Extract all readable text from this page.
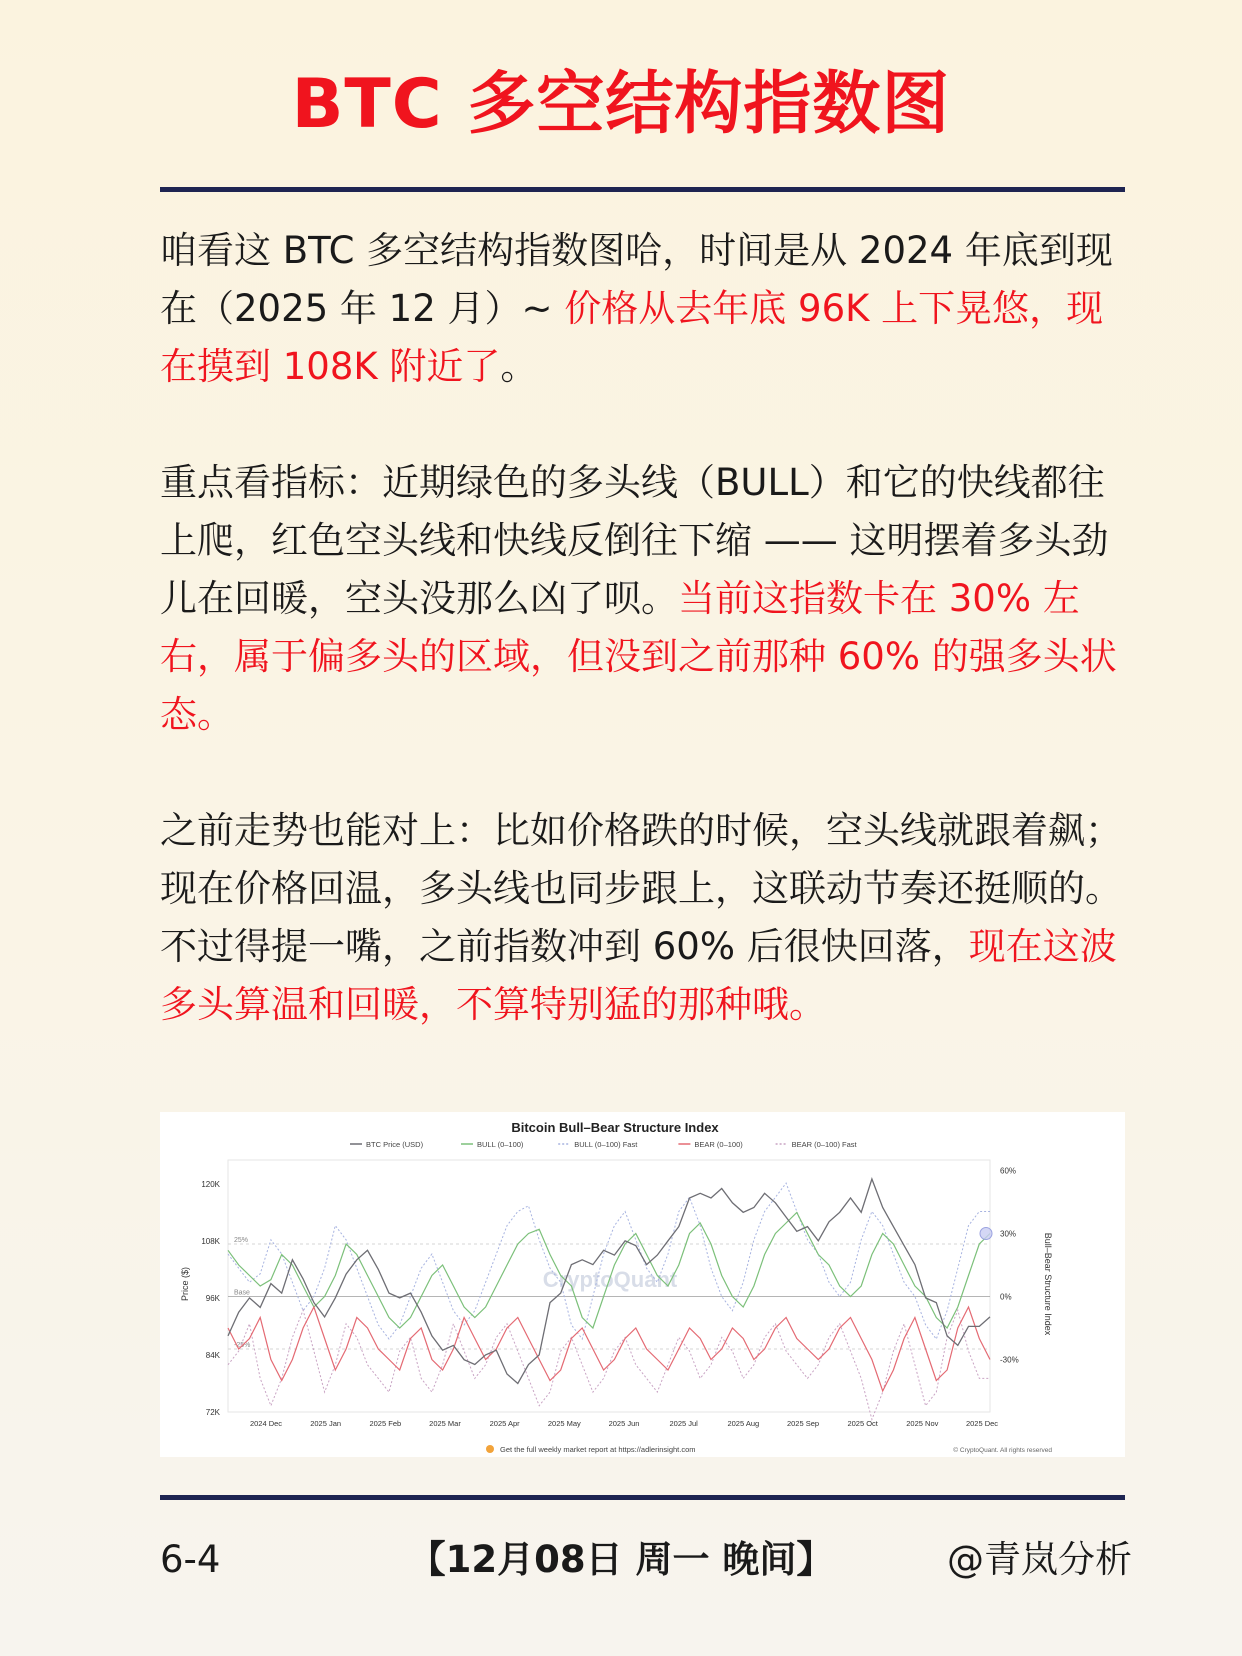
BTC 多空结构指数图

咱看这 BTC 多空结构指数图哈，时间是从 2024 年底到现在（2025 年 12 月）~ 价格从去年底 96K 上下晃悠，现在摸到 108K 附近了。

重点看指标：近期绿色的多头线（BULL）和它的快线都往上爬，红色空头线和快线反倒往下缩 —— 这明摆着多头劲儿在回暖，空头没那么凶了呗。当前这指数卡在 30% 左右，属于偏多头的区域，但没到之前那种 60% 的强多头状态。

之前走势也能对上：比如价格跌的时候，空头线就跟着飙；现在价格回温，多头线也同步跟上，这联动节奏还挺顺的。不过得提一嘴，之前指数冲到 60% 后很快回落，现在这波多头算温和回暖，不算特别猛的那种哦。

25%
Base
-25%
CryptoQuant
Bitcoin Bull–Bear Structure Index
BTC Price (USD)	BULL (0–100)	BULL (0–100) Fast	BEAR (0–100)	BEAR (0–100) Fast
120K
108K
96K
84K
72K
60%
30%
0%
-30%
2024 Dec	2025 Jan	2025 Feb	2025 Mar	2025 Apr	2025 May	2025 Jun	2025 Jul	2025 Aug	2025 Sep	2025 Oct	2025 Nov	2025 Dec
Price ($)	Bull–Bear Structure Index
Get the full weekly market report at https://adlerinsight.com	© CryptoQuant. All rights reserved
6-4	【12月08日 周一 晚间】	@青岚分析
